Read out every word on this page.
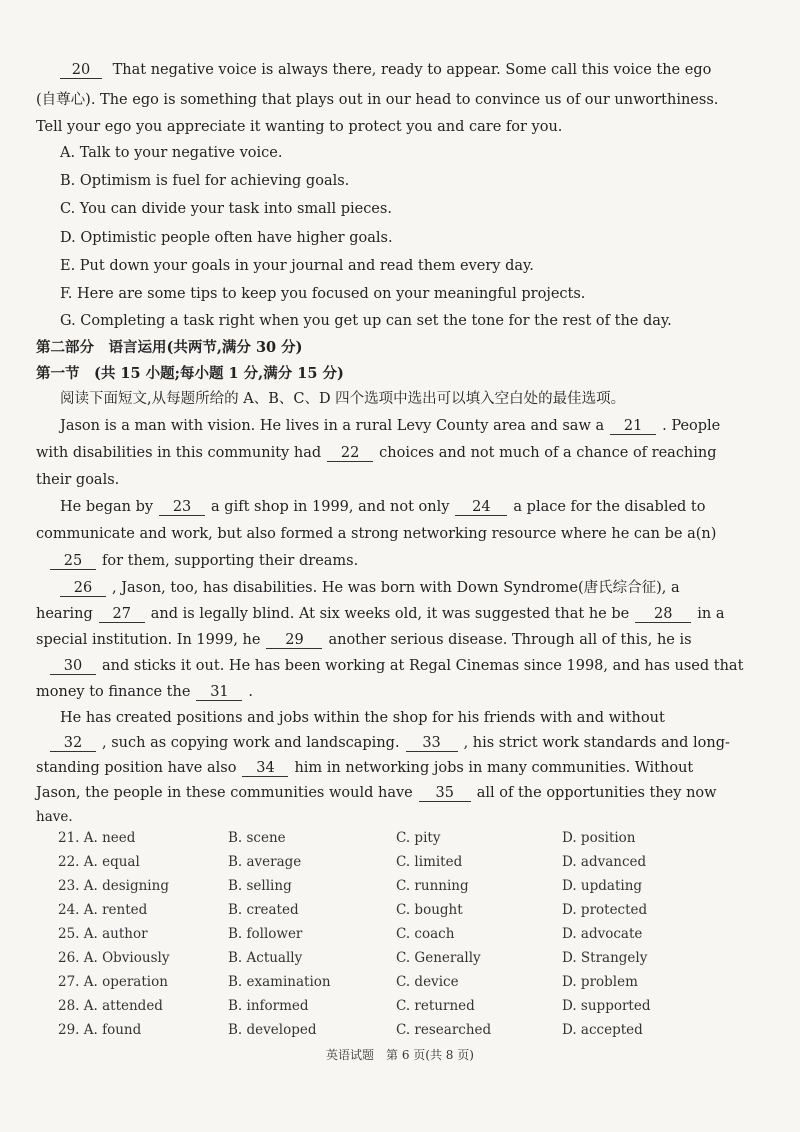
20 That negative voice is always there, ready to appear. Some call this voice the ego
(自尊心). The ego is something that plays out in our head to convince us of our unworthiness.
Tell your ego you appreciate it wanting to protect you and care for you.
A. Talk to your negative voice.
B. Optimism is fuel for achieving goals.
C. You can divide your task into small pieces.
D. Optimistic people often have higher goals.
E. Put down your goals in your journal and read them every day.
F. Here are some tips to keep you focused on your meaningful projects.
G. Completing a task right when you get up can set the tone for the rest of the day.
第二部分　语言运用(共两节,满分 30 分)
第一节　(共 15 小题;每小题 1 分,满分 15 分)
阅读下面短文,从每题所给的 A、B、C、D 四个选项中选出可以填入空白处的最佳选项。
Jason is a man with vision. He lives in a rural Levy County area and saw a 21 . People
with disabilities in this community had 22 choices and not much of a chance of reaching
their goals.
He began by 23 a gift shop in 1999, and not only 24 a place for the disabled to
communicate and work, but also formed a strong networking resource where he can be a(n)
25 for them, supporting their dreams.
26 , Jason, too, has disabilities. He was born with Down Syndrome(唐氏综合征), a
hearing 27 and is legally blind. At six weeks old, it was suggested that he be 28 in a
special institution. In 1999, he 29 another serious disease. Through all of this, he is
30 and sticks it out. He has been working at Regal Cinemas since 1998, and has used that
money to finance the 31 .
He has created positions and jobs within the shop for his friends with and without
32 , such as copying work and landscaping. 33 , his strict work standards and long-
standing position have also 34 him in networking jobs in many communities. Without
Jason, the people in these communities would have 35 all of the opportunities they now
have.
21. A. need	B. scene	C. pity	D. position
22. A. equal	B. average	C. limited	D. advanced
23. A. designing	B. selling	C. running	D. updating
24. A. rented	B. created	C. bought	D. protected
25. A. author	B. follower	C. coach	D. advocate
26. A. Obviously	B. Actually	C. Generally	D. Strangely
27. A. operation	B. examination	C. device	D. problem
28. A. attended	B. informed	C. returned	D. supported
29. A. found	B. developed	C. researched	D. accepted
英语试题　第 6 页(共 8 页)
